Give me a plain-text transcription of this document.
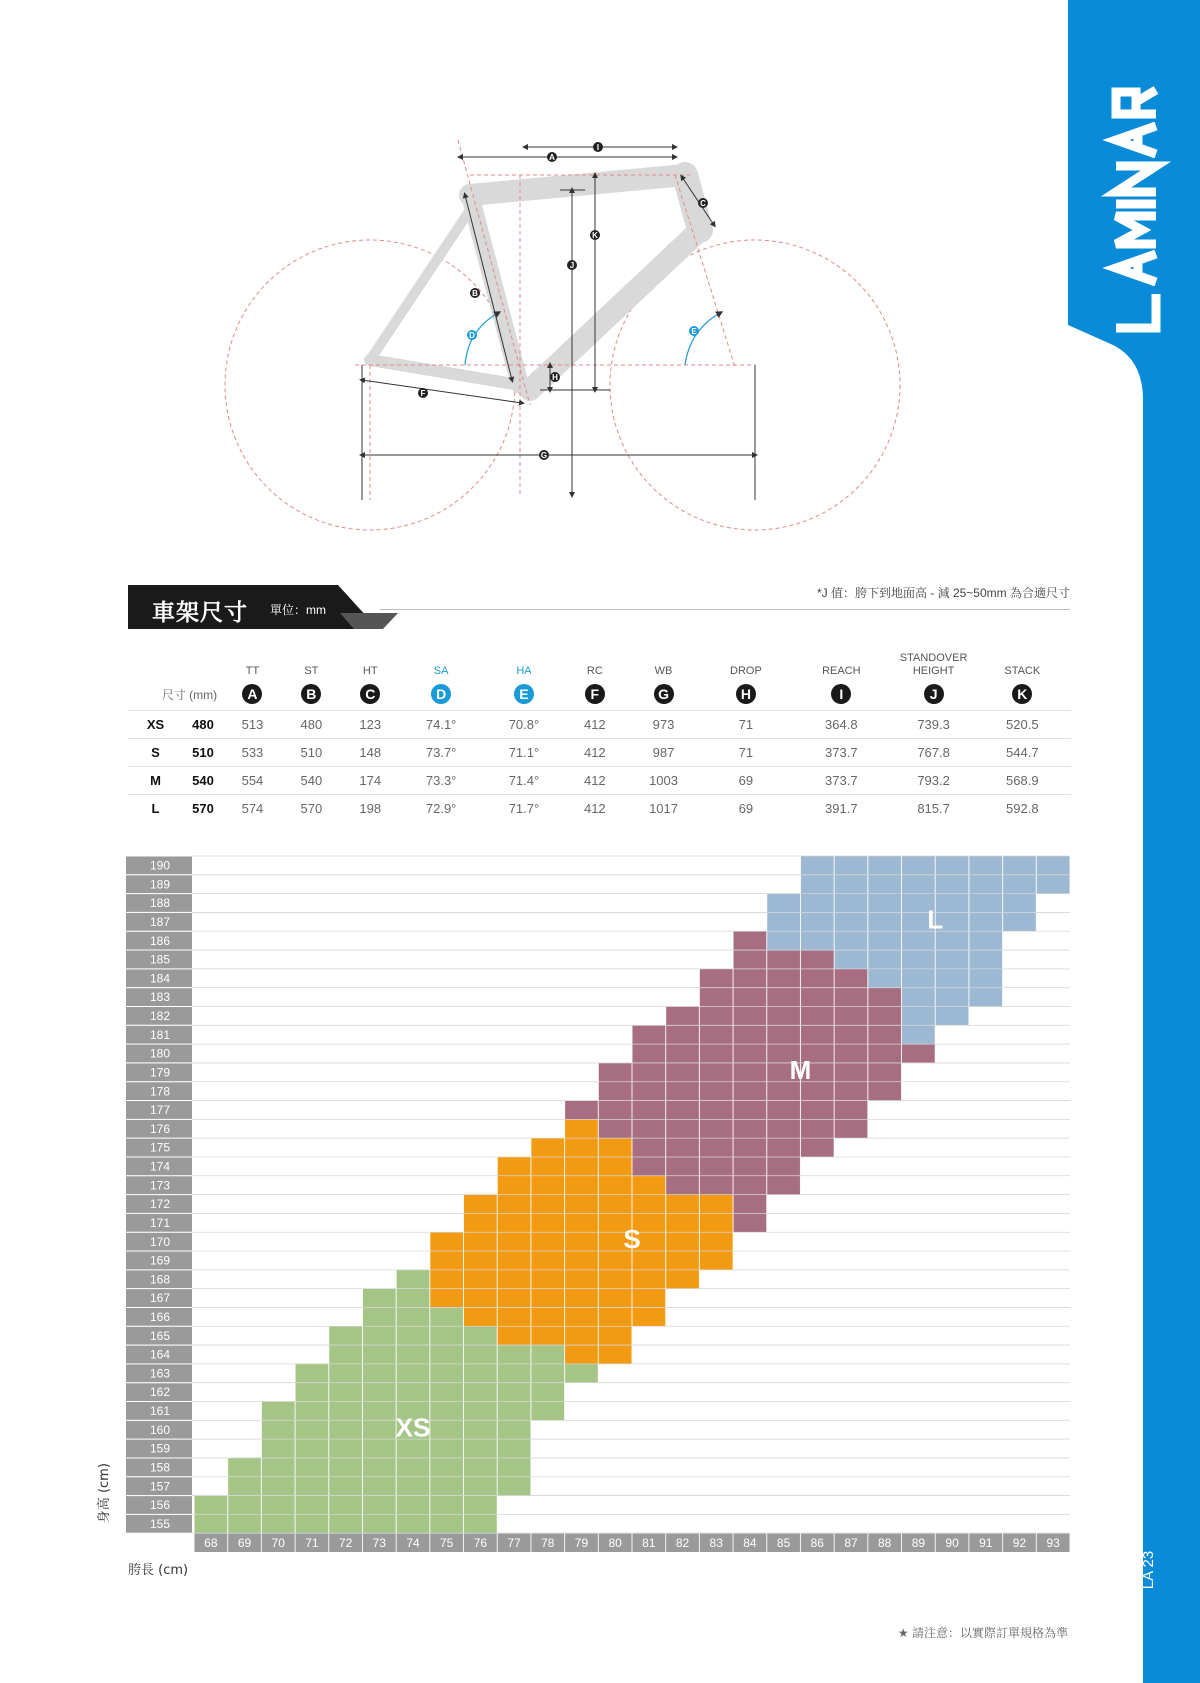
LA 23
I
A
C
K
J
B
D	E
H
F
G
車架尺寸 單位：mm
*J 值：胯下到地面高 - 減 25~50mm 為合適尺寸
		TT	ST	HT	SA	HA	RC	WB	DROP	REACH	STANDOVER HEIGHT	STACK
尺寸 (mm)		A	B	C	D	E	F	G	H	I	J	K
XS	480	513	480	123	74.1°	70.8°	412	973	71	364.8	739.3	520.5
S	510	533	510	148	73.7°	71.1°	412	987	71	373.7	767.8	544.7
M	540	554	540	174	73.3°	71.4°	412	1003	69	373.7	793.2	568.9
L	570	574	570	198	72.9°	71.7°	412	1017	69	391.7	815.7	592.8
155
156
157
158
159
160
161
162
163
164
165
166
167
168
169
170
171
172
173
174
175
176
177
178
179
180
181
182
183
184
185
186
187
188
189
190
68 69 70 71 72 73 74 75 76 77 78 79 80 81 82 83 84 85 86 87 88 89 90 91 92 93
XS
S
M
L
身高 (cm)
胯長 (cm)
★ 請注意：以實際訂單規格為準
